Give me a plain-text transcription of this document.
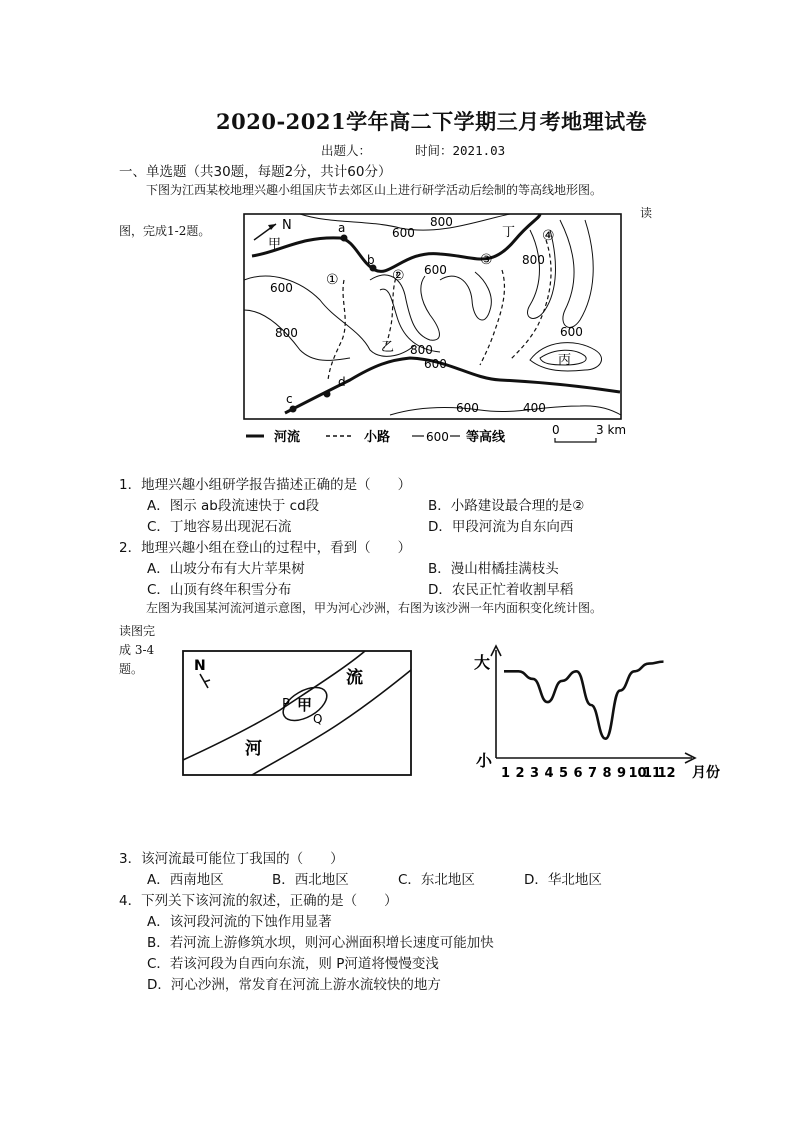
2020-2021学年高二下学期三月考地理试卷
出题人：	时间：2021.03
一、单选题（共30题，每题2分，共计60分）
下图为江西某校地理兴趣小组国庆节去郊区山上进行研学活动后绘制的等高线地形图。
读
图，完成1-2题。	N
甲
a
b
c
d
丁
乙
丙
①	②
③
④
800
600
600
800
600
800
600
800
600
600	400
河流	小路	600 等高线	0	3 km
1．地理兴趣小组研学报告描述正确的是（　　）
A．图示 ab段流速快于 cd段	B．小路建设最合理的是②
C．丁地容易出现泥石流	D．甲段河流为自东向西
2．地理兴趣小组在登山的过程中，看到（　　）
A．山坡分布有大片苹果树	B．漫山柑橘挂满枝头
C．山顶有终年积雪分布	D．农民正忙着收割早稻
左图为我国某河流河道示意图，甲为河心沙洲，右图为该沙洲一年内面积变化统计图。
读图完
成 3-4
题。	N
P 甲
Q
流
河
大
小
1 2 3 4 5 6 7 8 9 10
11
12 月份
3．该河流最可能位丁我国的（　　）
A．西南地区	B．西北地区	C．东北地区	D．华北地区
4．下列关下该河流的叙述，正确的是（　　）
A．该河段河流的下蚀作用显著
B．若河流上游修筑水坝，则河心洲面积增长速度可能加快
C．若该河段为自西向东流，则 P河道将慢慢变浅
D．河心沙洲，常发育在河流上游水流较快的地方
